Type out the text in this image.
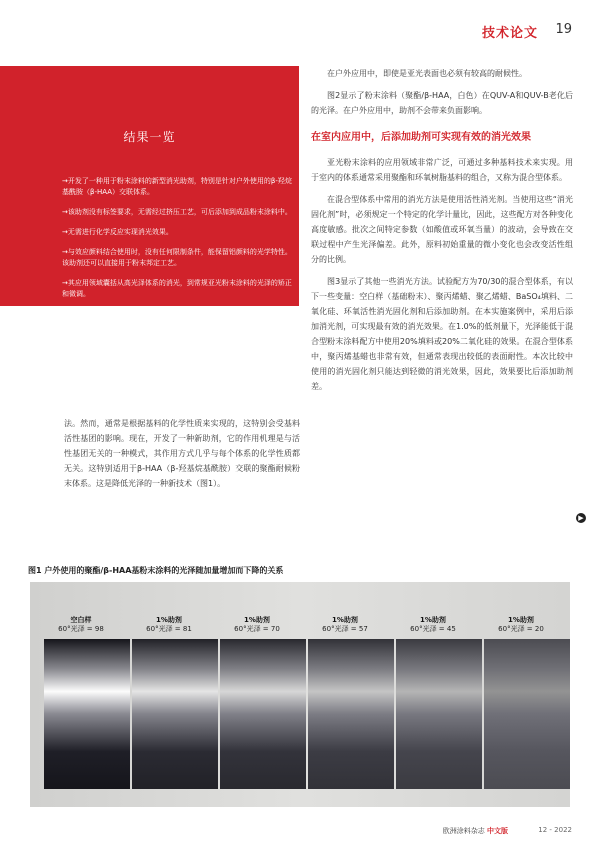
技术论文 19
结果一览
→开发了一种用于粉末涂料的新型消光助剂，特别是针对户外使用的β-羟烷基酰胺（β-HAA）交联体系。
→该助剂没有标签要求，无需经过挤压工艺，可后添加到成品粉末涂料中。
→无需进行化学反应实现消光效果。
→与效应颜料结合使用时，没有任何限制条件，能保留铝颜料的光学特性。该助剂还可以直接用于粉末邦定工艺。
→其应用领域囊括从高光泽体系的消光，到常规亚光粉末涂料的光泽的矫正和微调。

在户外应用中，即使是亚光表面也必须有较高的耐候性。

图2显示了粉末涂料（聚酯/β-HAA，白色）在QUV-A和QUV-B老化后的光泽。在户外应用中，助剂不会带来负面影响。

在室内应用中，后添加助剂可实现有效的消光效果

亚光粉末涂料的应用领域非常广泛，可通过多种基料技术来实现。用于室内的体系通常采用聚酯和环氧树脂基料的组合，又称为混合型体系。

在混合型体系中常用的消光方法是使用活性消光剂。当使用这些“消光固化剂”时，必须规定一个特定的化学计量比，因此，这些配方对各种变化高度敏感。批次之间特定参数（如酸值或环氧当量）的波动，会导致在交联过程中产生光泽偏差。此外，原料初始重量的微小变化也会改变活性组分的比例。

图3显示了其他一些消光方法。试验配方为70/30的混合型体系，有以下一些变量：空白样（基础粉末）、聚丙烯蜡、聚乙烯蜡、BaSO₄填料、二氧化硅、环氧活性消光固化剂和后添加助剂。在本实施案例中，采用后添加消光剂，可实现最有效的消光效果。在1.0%的低剂量下，光泽能低于混合型粉末涂料配方中使用20%填料或20%二氧化硅的效果。在混合型体系中，聚丙烯基蜡也非常有效，但通常表现出较低的表面耐性。本次比较中使用的消光固化剂只能达到轻微的消光效果，因此，效果要比后添加助剂差。

法。然而，通常是根据基料的化学性质来实现的，这特别会受基料活性基团的影响。现在，开发了一种新助剂，它的作用机理是与活性基团无关的一种模式，其作用方式几乎与每个体系的化学性质都无关。这特别适用于β-HAA（β-羟基烷基酰胺）交联的聚酯耐候粉末体系。这是降低光泽的一种新技术（图1）。

▶
图1 户外使用的聚酯/β-HAA基粉末涂料的光泽随加量增加而下降的关系
空白样
60°光泽 = 98
1%助剂
60°光泽 = 81
1%助剂
60°光泽 = 70
1%助剂
60°光泽 = 57
1%助剂
60°光泽 = 45
1%助剂
60°光泽 = 20
欧洲涂料杂志 中文版	12 - 2022
